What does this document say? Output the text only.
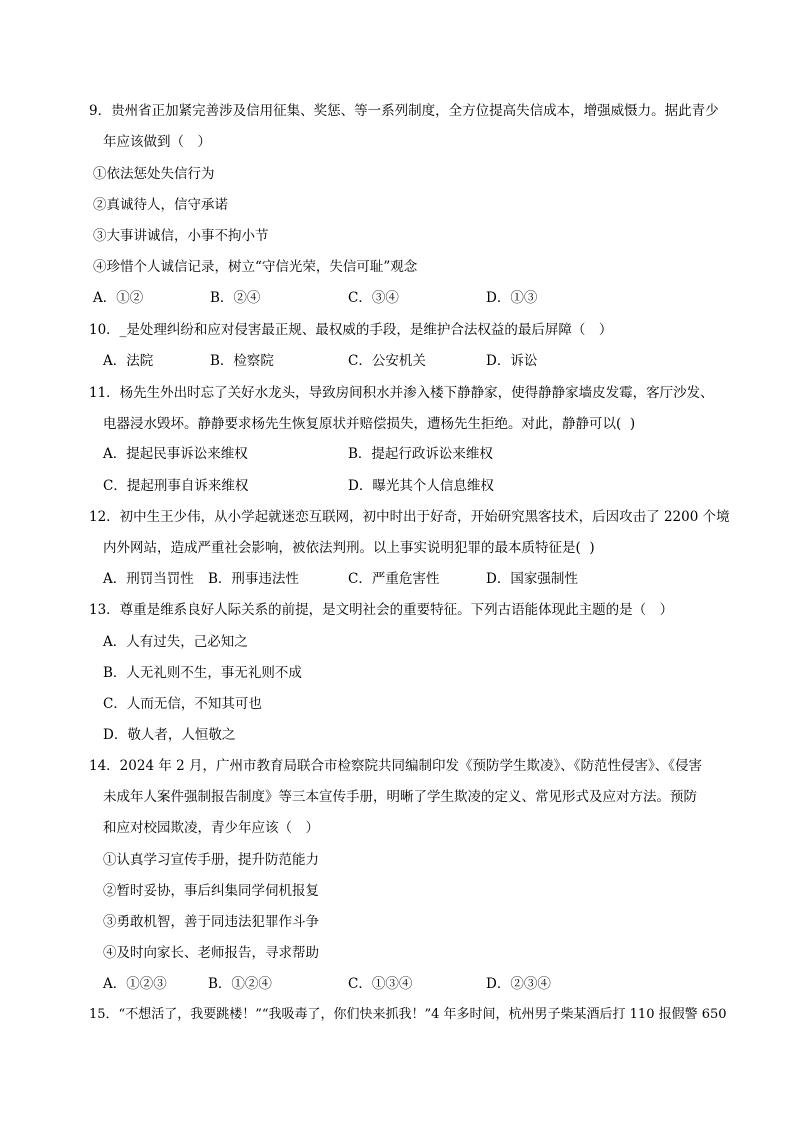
9．贵州省正加紧完善涉及信用征集、奖惩、等一系列制度，全方位提高失信成本，增强威慑力。据此青少
年应该做到（　）
①依法惩处失信行为
②真诚待人，信守承诺
③大事讲诚信，小事不拘小节
④珍惜个人诚信记录，树立“守信光荣，失信可耻”观念
A．①②	B．②④	C．③④	D．①③
10．_是处理纠纷和应对侵害最正规、最权威的手段，是维护合法权益的最后屏障（　）
A．法院	B．检察院	C．公安机关	D．诉讼
11．杨先生外出时忘了关好水龙头，导致房间积水并渗入楼下静静家，使得静静家墙皮发霉，客厅沙发、
电器浸水毁坏。静静要求杨先生恢复原状并赔偿损失，遭杨先生拒绝。对此，静静可以(  )
A．提起民事诉讼来维权	B．提起行政诉讼来维权
C．提起刑事自诉来维权	D．曝光其个人信息维权
12．初中生王少伟，从小学起就迷恋互联网，初中时出于好奇，开始研究黑客技术，后因攻击了 2200 个境
内外网站，造成严重社会影响，被依法判刑。以上事实说明犯罪的最本质特征是(  )
A．刑罚当罚性 B．刑事违法性	C．严重危害性	D．国家强制性
13．尊重是维系良好人际关系的前提，是文明社会的重要特征。下列古语能体现此主题的是（　）
A．人有过失，己必知之
B．人无礼则不生，事无礼则不成
C．人而无信，不知其可也
D．敬人者，人恒敬之
14．2024 年 2 月，广州市教育局联合市检察院共同编制印发《预防学生欺凌》、《防范性侵害》、《侵害
未成年人案件强制报告制度》等三本宣传手册，明晰了学生欺凌的定义、常见形式及应对方法。预防
和应对校园欺凌，青少年应该（　）
①认真学习宣传手册，提升防范能力
②暂时妥协，事后纠集同学伺机报复
③勇敢机智，善于同违法犯罪作斗争
④及时向家长、老师报告，寻求帮助
A．①②③	B．①②④	C．①③④	D．②③④
15．“不想活了，我要跳楼！”“我吸毒了，你们快来抓我！”4 年多时间，杭州男子柴某酒后打 110 报假警 650
